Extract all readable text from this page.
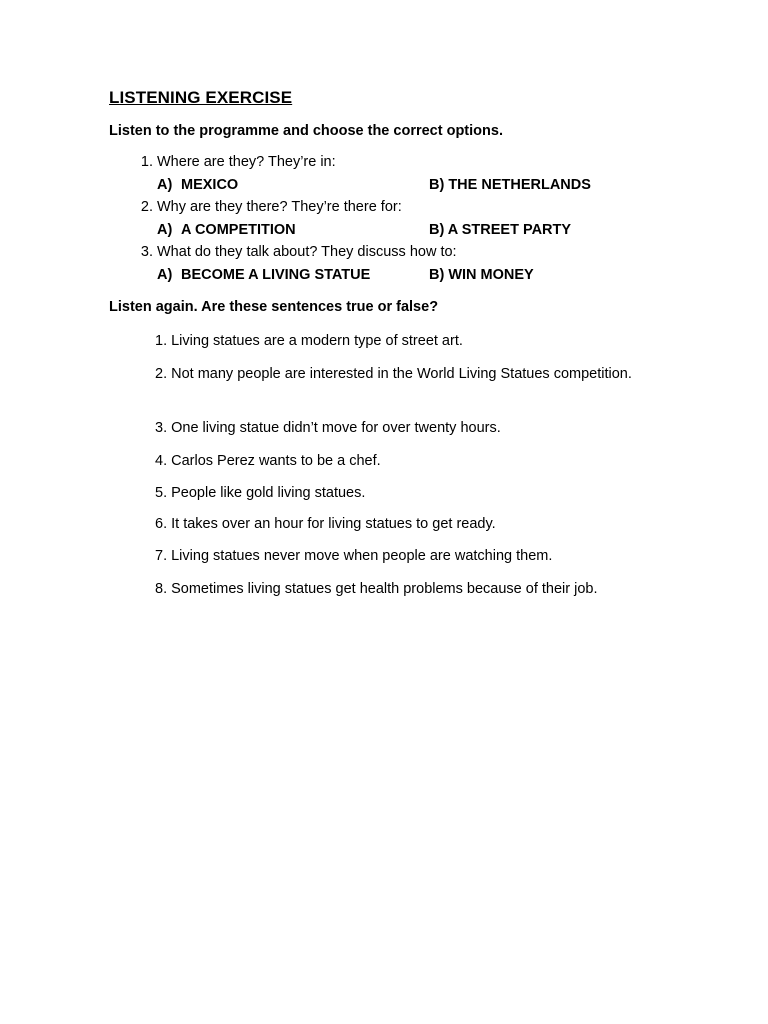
LISTENING EXERCISE
Listen to the programme and choose the correct options.
1. Where are they? They’re in:
A) MEXICO	B) THE NETHERLANDS
2. Why are they there? They’re there for:
A) A COMPETITION	B) A STREET PARTY
3. What do they talk about? They discuss how to:
A) BECOME A LIVING STATUE	B) WIN MONEY
Listen again. Are these sentences true or false?
1. Living statues are a modern type of street art.
2. Not many people are interested in the World Living Statues competition.
3. One living statue didn’t move for over twenty hours.
4. Carlos Perez wants to be a chef.
5. People like gold living statues.
6. It takes over an hour for living statues to get ready.
7. Living statues never move when people are watching them.
8. Sometimes living statues get health problems because of their job.
